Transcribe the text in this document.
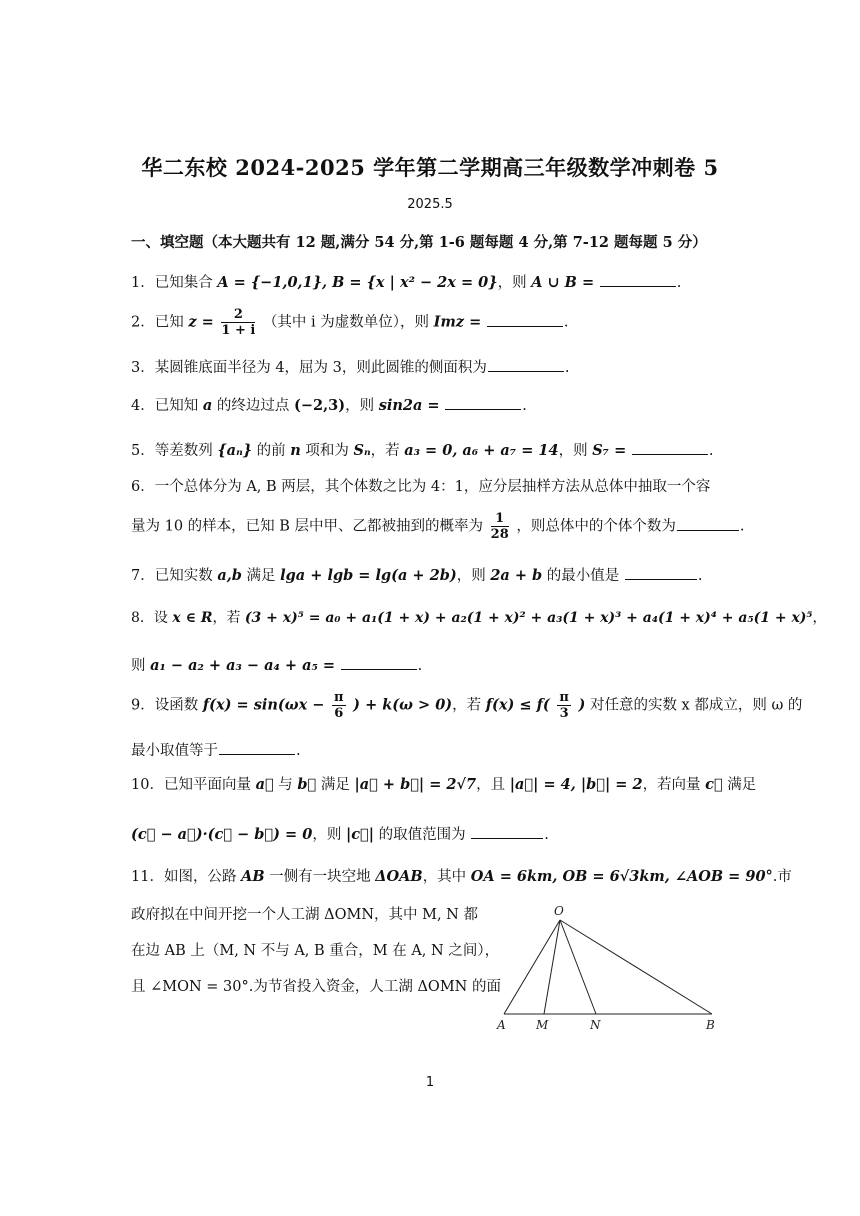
华二东校 2024-2025 学年第二学期高三年级数学冲刺卷 5
2025.5
一、填空题（本大题共有 12 题,满分 54 分,第 1-6 题每题 4 分,第 7-12 题每题 5 分）
1．已知集合 A = {−1,0,1}, B = {x | x² − 2x = 0}，则 A ∪ B =	.
2．已知 $z = \frac{2}{1 + i}$ （其中 i 为虚数单位），则 Imz =	.
3．某圆锥底面半径为 4，屈为 3，则此圆锥的侧面积为	.
4．已知知 a 的终边过点 (−2,3)，则 sin2a =	.
5．等差数列 {aₙ} 的前 n 项和为 Sₙ，若 a₃ = 0, a₆ + a₇ = 14，则 S₇ =	.
6．一个总体分为 A, B 两层，其个体数之比为 4：1，应分层抽样方法从总体中抽取一个容
量为 10 的样本，已知 B 层中甲、乙都被抽到的概率为 $\frac{1}{28}$ ，则总体中的个体个数为	.
7．已知实数 a,b 满足 lga + lgb = lg(a + 2b)，则 2a + b 的最小值是	.
8．设 x ∈ R，若 (3 + x)⁵ = a₀ + a₁(1 + x) + a₂(1 + x)² + a₃(1 + x)³ + a₄(1 + x)⁴ + a₅(1 + x)⁵，
则 a₁ − a₂ + a₃ − a₄ + a₅ =	.
9．设函数 $f(x) = \sin(\omega x - \frac{\pi}{6}$ ) + k(ω > 0)，若 $f(x) \le f( \frac{\pi}{3}$ ) 对任意的实数 x 都成立，则 ω 的
最小取值等于	.
10．已知平面向量 a⃗ 与 b⃗ 满足 |a⃗ + b⃗| = 2√7，且 |a⃗| = 4, |b⃗| = 2，若向量 c⃗ 满足
(c⃗ − a⃗)·(c⃗ − b⃗) = 0，则 |c⃗| 的取值范围为	.
11．如图，公路 AB 一侧有一块空地 ΔOAB，其中 OA = 6km, OB = 6√3km, ∠AOB = 90°.市
政府拟在中间开挖一个人工湖 ΔOMN，其中 M, N 都
在边 AB 上（M, N 不与 A, B 重合，M 在 A, N 之间），
且 ∠MON = 30°.为节省投入资金，人工湖 ΔOMN 的面
O
A	M	N	B
1
